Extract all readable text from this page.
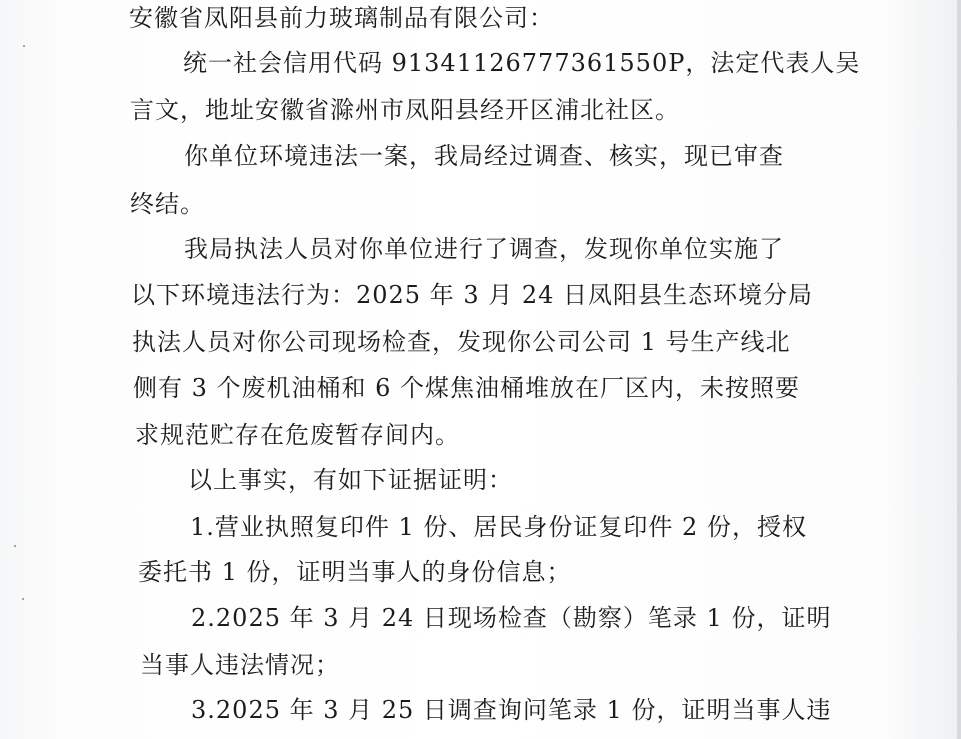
安徽省凤阳县前力玻璃制品有限公司：
统一社会信用代码 91341126777361550P，法定代表人吴
言文，地址安徽省滁州市凤阳县经开区浦北社区。
你单位环境违法一案，我局经过调查、核实，现已审查
终结。
我局执法人员对你单位进行了调查，发现你单位实施了
以下环境违法行为：2025 年 3 月 24 日凤阳县生态环境分局
执法人员对你公司现场检查，发现你公司公司 1 号生产线北
侧有 3 个废机油桶和 6 个煤焦油桶堆放在厂区内，未按照要
求规范贮存在危废暂存间内。
以上事实，有如下证据证明：
1.营业执照复印件 1 份、居民身份证复印件 2 份，授权
委托书 1 份，证明当事人的身份信息；
2.2025 年 3 月 24 日现场检查（勘察）笔录 1 份，证明
当事人违法情况；
3.2025 年 3 月 25 日调查询问笔录 1 份，证明当事人违
